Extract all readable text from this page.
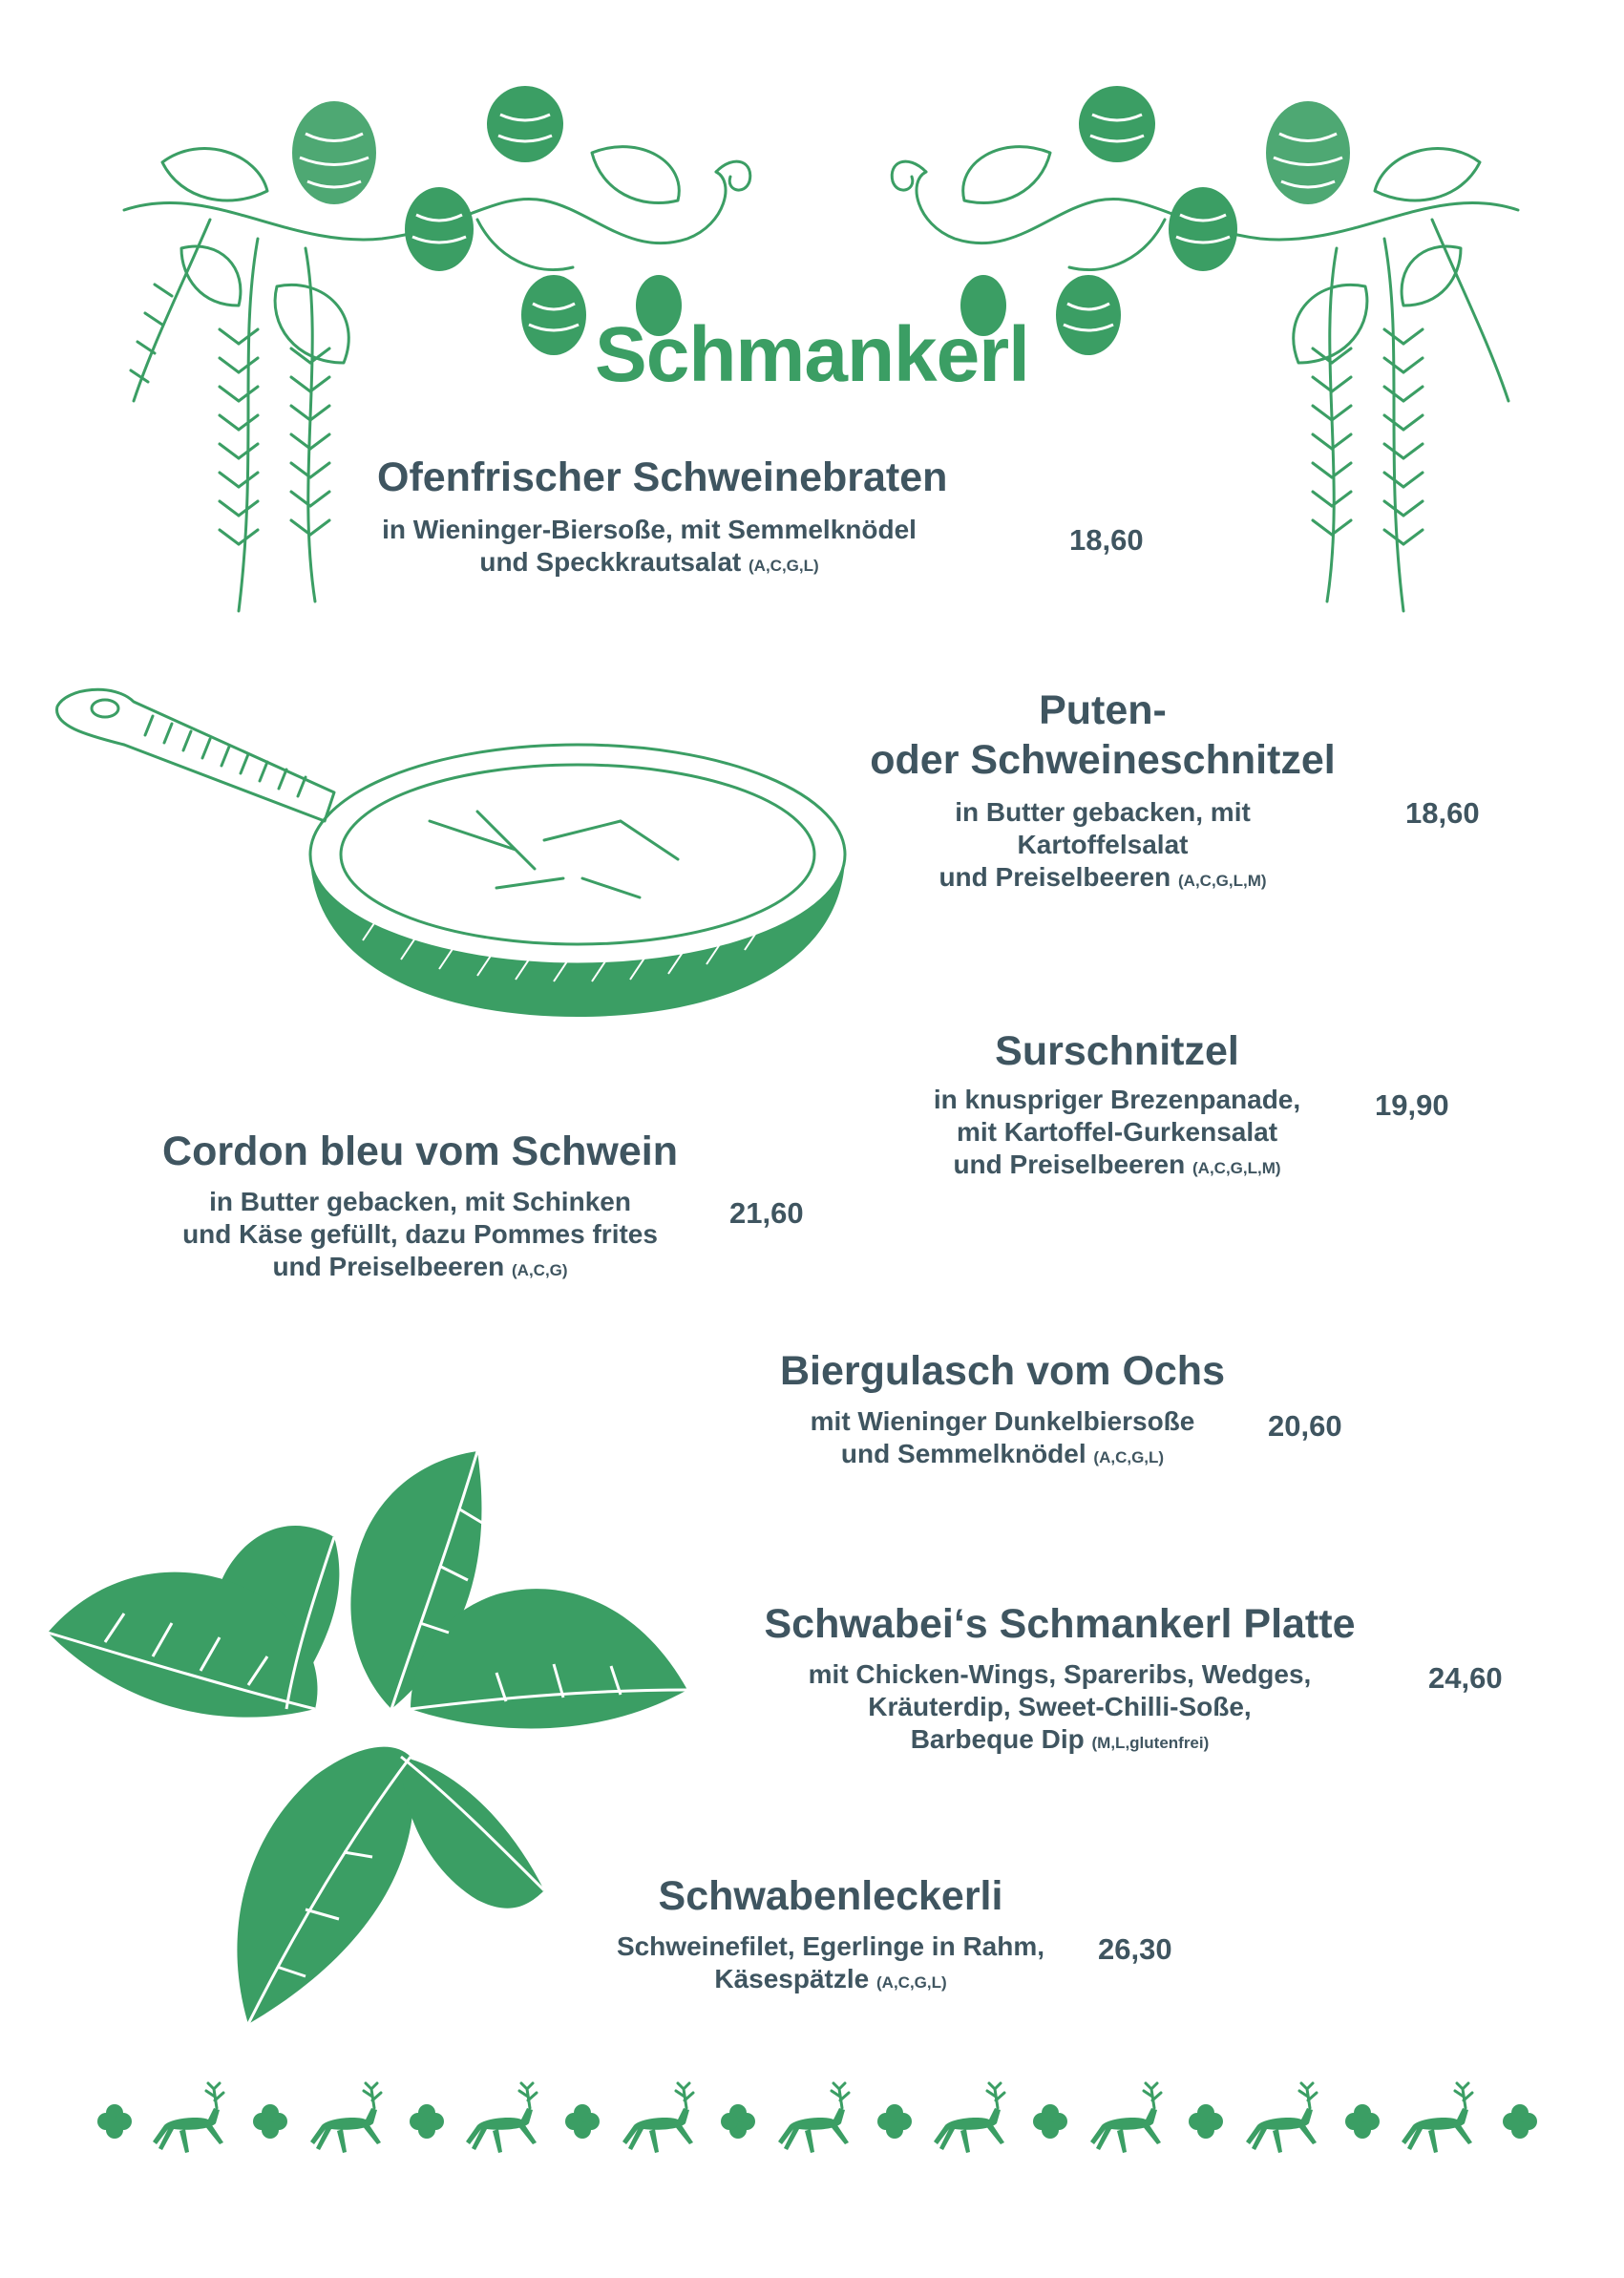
Schmankerl
Ofenfrischer Schweinebraten
in Wieninger-Biersoße, mit Semmelknödel
und Speckkrautsalat (A,C,G,L)
18,60
Puten-
oder Schweineschnitzel
in Butter gebacken, mit
Kartoffelsalat
und Preiselbeeren (A,C,G,L,M)
18,60
Surschnitzel
in knuspriger Brezenpanade,
mit Kartoffel-Gurkensalat
und Preiselbeeren (A,C,G,L,M)
19,90
Cordon bleu vom Schwein
in Butter gebacken, mit Schinken
und Käse gefüllt, dazu Pommes frites
und Preiselbeeren (A,C,G)
21,60
Biergulasch vom Ochs
mit Wieninger Dunkelbiersoße
und Semmelknödel (A,C,G,L)
20,60
Schwabei‘s Schmankerl Platte
mit Chicken-Wings, Spareribs, Wedges,
Kräuterdip, Sweet-Chilli-Soße,
Barbeque Dip (M,L,glutenfrei)
24,60
Schwabenleckerli
Schweinefilet, Egerlinge in Rahm,
Käsespätzle (A,C,G,L)
26,30
